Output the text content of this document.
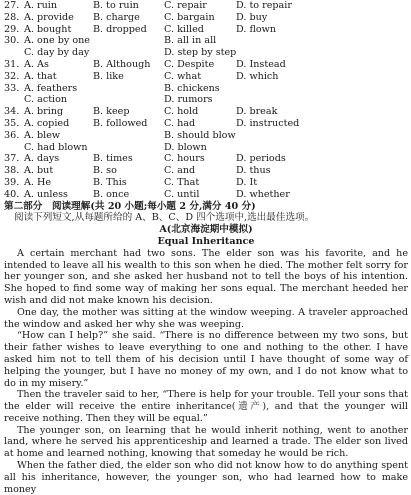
27. A. ruin	B. to ruin	C. repair	D. to repair
28. A. provide	B. charge	C. bargain	D. buy
29. A. bought	B. dropped	C. killed	D. flown
30. A. one by one	B. all in all
C. day by day	D. step by step
31. A. As	B. Although	C. Despite	D. Instead
32. A. that	B. like	C. what	D. which
33. A. feathers	B. chickens
C. action	D. rumors
34. A. bring	B. keep	C. hold	D. break
35. A. copied	B. followed	C. had	D. instructed
36. A. blew	B. should blow
C. had blown	D. blown
37. A. days	B. times	C. hours	D. periods
38. A. but	B. so	C. and	D. thus
39. A. He	B. This	C. That	D. It
40. A. unless	B. once	C. until	D. whether
第二部分　阅读理解(共 20 小题;每小题 2 分,满分 40 分)
阅读下列短文,从每题所给的 A、B、C、D 四个选项中,选出最佳选项。
A(北京海淀期中模拟)
Equal Inheritance

A certain merchant had two sons. The elder son was his favorite, and he intended to leave all his wealth to this son when he died. The mother felt sorry for her younger son, and she asked her husband not to tell the boys of his intention. She hoped to find some way of making her sons equal. The merchant heeded her wish and did not make known his decision.

One day, the mother was sitting at the window weeping. A traveler approached the window and asked her why she was weeping.

“How can I help?” she said. “There is no difference between my two sons, but their father wishes to leave everything to one and nothing to the other. I have asked him not to tell them of his decision until I have thought of some way of helping the younger, but I have no money of my own, and I do not know what to do in my misery.”

Then the traveler said to her, “There is help for your trouble. Tell your sons that the elder will receive the entire inheritance(遗产), and that the younger will receive nothing. Then they will be equal.”

The younger son, on learning that he would inherit nothing, went to another land, where he served his apprenticeship and learned a trade. The elder son lived at home and learned nothing, knowing that someday he would be rich.

When the father died, the elder son who did not know how to do anything spent all his inheritance, however, the younger son, who had learned how to make money
